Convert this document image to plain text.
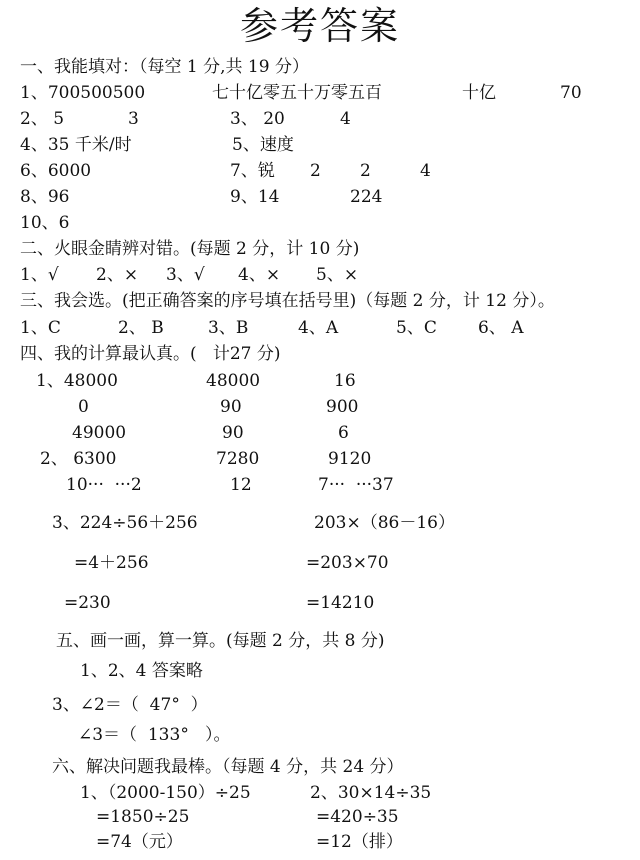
参考答案
一、我能填对：（每空 1 分,共 19 分）
1、700500500	七十亿零五十万零五百	十亿	70
2、 5	3	3、 20	4
4、35 千米/时	5、速度
6、6000	7、锐 2 2	4
8、96	9、14	224
10、6
二、火眼金睛辨对错。(每题 2 分，计 10 分)
1、√ 2、× 3、√ 4、× 5、×
三、我会选。(把正确答案的序号填在括号里)（每题 2 分，计 12 分）。
1、C	2、 B	3、B	4、A	5、C 6、 A
四、我的计算最认真。(   计27 分)
1、48000	48000	16
0	90	900
49000	90	6
2、 6300	7280	9120
10···  ···2	12	7···  ···37
3、224÷56＋256	203×（86－16）
=4＋256	=203×70
=230	=14210
五、画一画，算一算。(每题 2 分，共 8 分)
1、2、4 答案略
3、∠2＝（  47°  ）
∠3＝（  133°   ）。
六、解决问题我最棒。（每题 4 分，共 24 分）
1、（2000-150）÷25	2、30×14÷35
=1850÷25	=420÷35
=74（元）	=12（排）
